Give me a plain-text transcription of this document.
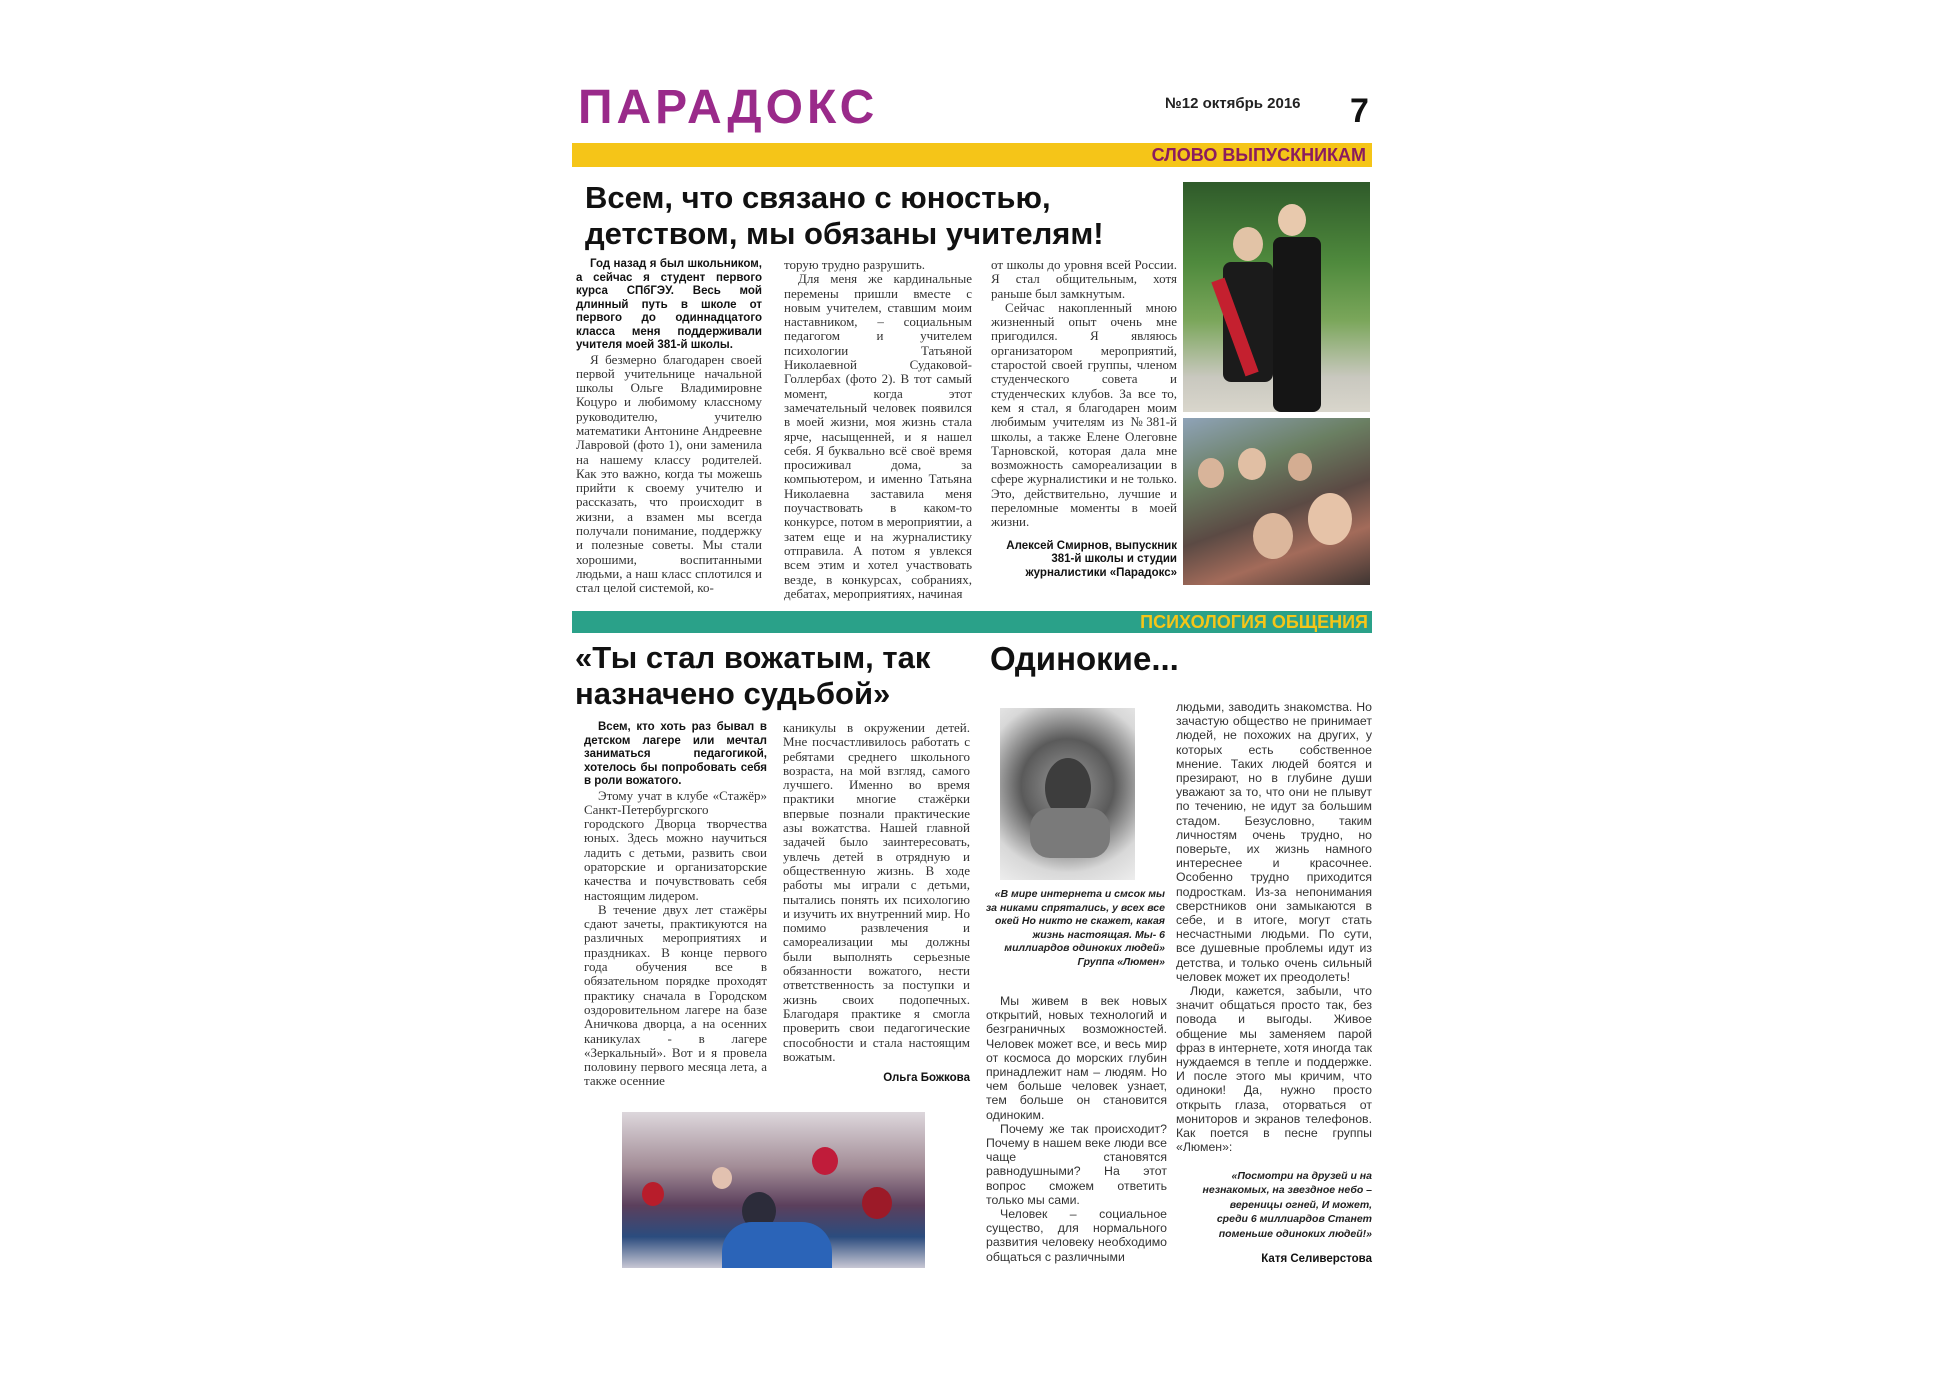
ПАРАДОКС	№12 октябрь 2016 7
СЛОВО ВЫПУСКНИКАМ
Всем, что связано с юностью, детством, мы обязаны учителям!

Год назад я был школьником, а сейчас я студент первого курса СПбГЭУ. Весь мой длинный путь в школе от первого до одиннадцатого класса меня поддерживали учителя моей 381-й школы.

Я безмерно благодарен своей первой учительнице начальной школы Ольге Владимировне Коцуро и любимому классному руководителю, учителю математики Антонине Андреевне Лавровой (фото 1), они заменила на нашему классу родителей. Как это важно, когда ты можешь прийти к своему учителю и рассказать, что происходит в жизни, а взамен мы всегда получали понимание, поддержку и полезные советы. Мы стали хорошими, воспитанными людьми, а наш класс сплотился и стал целой системой, ко-

торую трудно разрушить.

Для меня же кардинальные перемены пришли вместе с новым учителем, ставшим моим наставником, – социальным педагогом и учителем психологии Татьяной Николаевной Судаковой-Голлербах (фото 2). В тот самый момент, когда этот замечательный человек появился в моей жизни, моя жизнь стала ярче, насыщенней, и я нашел себя. Я буквально всё своё время просиживал дома, за компьютером, и именно Татьяна Николаевна заставила меня поучаствовать в каком-то конкурсе, потом в мероприятии, а затем еще и на журналистику отправила. А потом я увлекся всем этим и хотел участвовать везде, в конкурсах, собраниях, дебатах, мероприятиях, начиная

от школы до уровня всей России. Я стал общительным, хотя раньше был замкнутым.

Сейчас накопленный мною жизненный опыт очень мне пригодился. Я являюсь организатором мероприятий, старостой своей группы, членом студенческого совета и студенческих клубов. За все то, кем я стал, я благодарен моим любимым учителям из №381-й школы, а также Елене Олеговне Тарновской, которая дала мне возможность самореализации в сфере журналистики и не только. Это, действительно, лучшие и переломные моменты в моей жизни.

Алексей Смирнов, выпускник 381-й школы и студии журналистики «Парадокс»
ПСИХОЛОГИЯ ОБЩЕНИЯ
«Ты стал вожатым, так назначено судьбой»

Всем, кто хоть раз бывал в детском лагере или мечтал заниматься педагогикой, хотелось бы попробовать себя в роли вожатого.

Этому учат в клубе «Стажёр» Санкт-Петербургского городского Дворца творчества юных. Здесь можно научиться ладить с детьми, развить свои ораторские и организаторские качества и почувствовать себя настоящим лидером.

В течение двух лет стажёры сдают зачеты, практикуются на различных мероприятиях и праздниках. В конце первого года обучения все в обязательном порядке проходят практику сначала в Городском оздоровительном лагере на базе Аничкова дворца, а на осенних каникулах - в лагере «Зеркальный». Вот и я провела половину первого месяца лета, а также осенние

каникулы в окружении детей. Мне посчастливилось работать с ребятами среднего школьного возраста, на мой взгляд, самого лучшего. Именно во время практики многие стажёрки впервые познали практические азы вожатства. Нашей главной задачей было заинтересовать, увлечь детей в отрядную и общественную жизнь. В ходе работы мы играли с детьми, пытались понять их психологию и изучить их внутренний мир. Но помимо развлечения и самореализации мы должны были выполнять серьезные обязанности вожатого, нести ответственность за поступки и жизнь своих подопечных. Благодаря практике я смогла проверить свои педагогические способности и стала настоящим вожатым.

Ольга Божкова
Одинокие...
«В мире интернета и смсок мы за никами спрятались, у всех все окей Но никто не скажет, какая жизнь настоящая. Мы- 6 миллиардов одиноких людей» Группа «Люмен»

Мы живем в век новых открытий, новых технологий и безграничных возможностей. Человек может все, и весь мир от космоса до морских глубин принадлежит нам – людям. Но чем больше человек узнает, тем больше он становится одиноким.

Почему же так происходит? Почему в нашем веке люди все чаще становятся равнодушными? На этот вопрос сможем ответить только мы сами.

Человек – социальное существо, для нормального развития человеку необходимо общаться с различными

людьми, заводить знакомства. Но зачастую общество не принимает людей, не похожих на других, у которых есть собственное мнение. Таких людей боятся и презирают, но в глубине души уважают за то, что они не плывут по течению, не идут за большим стадом. Безусловно, таким личностям очень трудно, но поверьте, их жизнь намного интереснее и красочнее. Особенно трудно приходится подросткам. Из-за непонимания сверстников они замыкаются в себе, и в итоге, могут стать несчастными людьми. По сути, все душевные проблемы идут из детства, и только очень сильный человек может их преодолеть!

Люди, кажется, забыли, что значит общаться просто так, без повода и выгоды. Живое общение мы заменяем парой фраз в интернете, хотя иногда так нуждаемся в тепле и поддержке. И после этого мы кричим, что одиноки! Да, нужно просто открыть глаза, оторваться от мониторов и экранов телефонов. Как поется в песне группы «Люмен»:

«Посмотри на друзей и на незнакомых, на звездное небо – вереницы огней, И может, среди 6 миллиардов Станет поменьше одиноких людей!»
Катя Селиверстова
